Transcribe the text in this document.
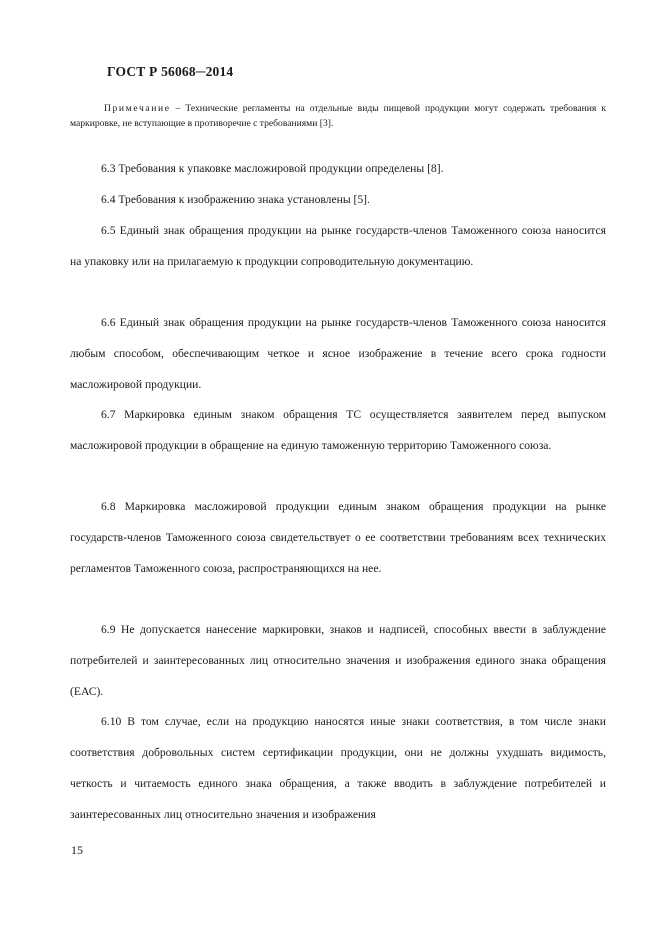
ГОСТ Р 56068─2014
Примечание – Технические регламенты на отдельные виды пищевой продукции могут содержать требования к маркировке, не вступающие в противоречие с требованиями [3].

6.3 Требования к упаковке масложировой продукции определены [8].

6.4 Требования к изображению знака установлены [5].

6.5 Единый знак обращения продукции на рынке государств-членов Таможенного союза наносится на упаковку или на прилагаемую к продукции сопроводительную документацию.

6.6 Единый знак обращения продукции на рынке государств-членов Таможенного союза наносится любым способом, обеспечивающим четкое и ясное изображение в течение всего срока годности масложировой продукции.

6.7 Маркировка единым знаком обращения ТС осуществляется заявителем перед выпуском масложировой продукции в обращение на единую таможенную территорию Таможенного союза.

6.8 Маркировка масложировой продукции единым знаком обращения продукции на рынке государств-членов Таможенного союза свидетельствует о ее соответствии требованиям всех технических регламентов Таможенного союза, распространяющихся на нее.

6.9 Не допускается нанесение маркировки, знаков и надписей, способных ввести в заблуждение потребителей и заинтересованных лиц относительно значения и изображения единого знака обращения (ЕАС).

6.10 В том случае, если на продукцию наносятся иные знаки соответствия, в том числе знаки соответствия добровольных систем сертификации продукции, они не должны ухудшать видимость, четкость и читаемость единого знака обращения, а также вводить в заблуждение потребителей и заинтересованных лиц относительно значения и изображения

15
